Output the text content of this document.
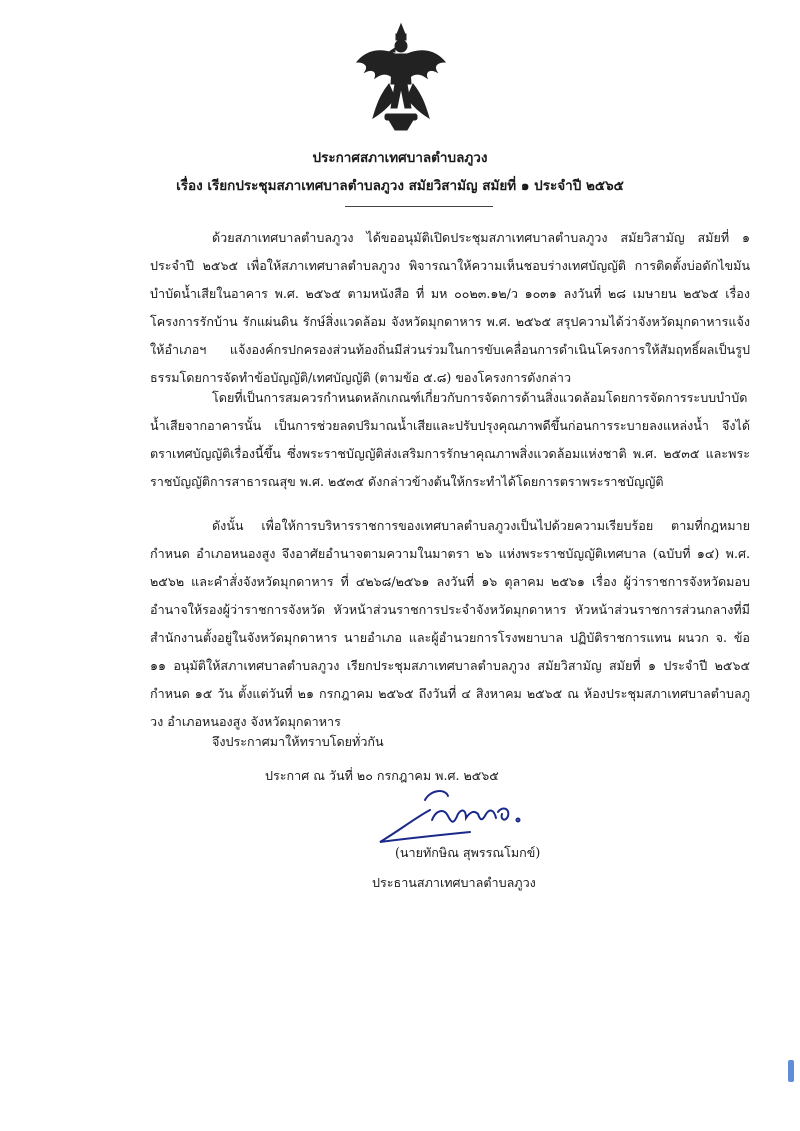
ประกาศสภาเทศบาลตำบลภูวง
เรื่อง เรียกประชุมสภาเทศบาลตำบลภูวง สมัยวิสามัญ สมัยที่ ๑ ประจำปี ๒๕๖๕
ด้วยสภาเทศบาลตำบลภูวง ได้ขออนุมัติเปิดประชุมสภาเทศบาลตำบลภูวง สมัยวิสามัญ สมัยที่ ๑ ประจำปี ๒๕๖๕ เพื่อให้สภาเทศบาลตำบลภูวง พิจารณาให้ความเห็นชอบร่างเทศบัญญัติ การติดตั้งบ่อดักไขมันบำบัดน้ำเสียในอาคาร พ.ศ. ๒๕๖๕ ตามหนังสือ ที่ มห ๐๐๒๓.๑๒/ว ๑๐๓๑ ลงวันที่ ๒๘ เมษายน ๒๕๖๕ เรื่อง โครงการรักบ้าน รักแผ่นดิน รักษ์สิ่งแวดล้อม จังหวัดมุกดาหาร พ.ศ. ๒๕๖๕ สรุปความได้ว่าจังหวัดมุกดาหารแจ้งให้อำเภอฯ แจ้งองค์กรปกครองส่วนท้องถิ่นมีส่วนร่วมในการขับเคลื่อนการดำเนินโครงการให้สัมฤทธิ์ผลเป็นรูปธรรมโดยการจัดทำข้อบัญญัติ/เทศบัญญัติ (ตามข้อ ๕.๘) ของโครงการดังกล่าว
โดยที่เป็นการสมควรกำหนดหลักเกณฑ์เกี่ยวกับการจัดการด้านสิ่งแวดล้อมโดยการจัดการระบบบำบัดน้ำเสียจากอาคารนั้น เป็นการช่วยลดปริมาณน้ำเสียและปรับปรุงคุณภาพดีขึ้นก่อนการระบายลงแหล่งน้ำ จึงได้ตราเทศบัญญัติเรื่องนี้ขึ้น ซึ่งพระราชบัญญัติส่งเสริมการรักษาคุณภาพสิ่งแวดล้อมแห่งชาติ พ.ศ. ๒๕๓๕ และพระราชบัญญัติการสาธารณสุข พ.ศ. ๒๕๓๕ ดังกล่าวข้างต้นให้กระทำได้โดยการตราพระราชบัญญัติ
ดังนั้น เพื่อให้การบริหารราชการของเทศบาลตำบลภูวงเป็นไปด้วยความเรียบร้อย ตามที่กฎหมายกำหนด อำเภอหนองสูง จึงอาศัยอำนาจตามความในมาตรา ๒๖ แห่งพระราชบัญญัติเทศบาล (ฉบับที่ ๑๔) พ.ศ. ๒๕๖๒ และคำสั่งจังหวัดมุกดาหาร ที่ ๔๒๖๘/๒๕๖๑ ลงวันที่ ๑๖ ตุลาคม ๒๕๖๑ เรื่อง ผู้ว่าราชการจังหวัดมอบอำนาจให้รองผู้ว่าราชการจังหวัด หัวหน้าส่วนราชการประจำจังหวัดมุกดาหาร หัวหน้าส่วนราชการส่วนกลางที่มีสำนักงานตั้งอยู่ในจังหวัดมุกดาหาร นายอำเภอ และผู้อำนวยการโรงพยาบาล ปฏิบัติราชการแทน ผนวก จ. ข้อ ๑๑ อนุมัติให้สภาเทศบาลตำบลภูวง เรียกประชุมสภาเทศบาลตำบลภูวง สมัยวิสามัญ สมัยที่ ๑ ประจำปี ๒๕๖๕ กำหนด ๑๕ วัน ตั้งแต่วันที่ ๒๑ กรกฎาคม ๒๕๖๕ ถึงวันที่ ๔ สิงหาคม ๒๕๖๕ ณ ห้องประชุมสภาเทศบาลตำบลภูวง อำเภอหนองสูง จังหวัดมุกดาหาร
จึงประกาศมาให้ทราบโดยทั่วกัน
ประกาศ ณ วันที่ ๒๐ กรกฎาคม พ.ศ. ๒๕๖๕
(นายทักษิณ สุพรรณโมกข์)
ประธานสภาเทศบาลตำบลภูวง
